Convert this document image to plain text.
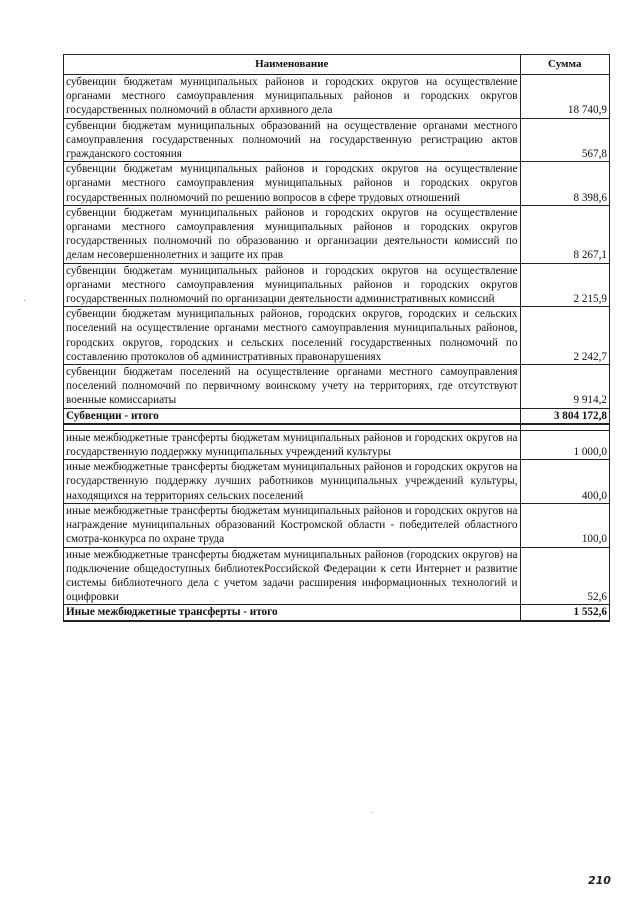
Наименование	Сумма
субвенции бюджетам муниципальных районов и городских округов на осуществление органами местного самоуправления муниципальных районов и городских округов государственных полномочий в области архивного дела	18 740,9
субвенции бюджетам муниципальных образований на осуществление органами местного самоуправления государственных полномочий на государственную регистрацию актов гражданского состояния	567,8
субвенции бюджетам муниципальных районов и городских округов на осуществление органами местного самоуправления муниципальных районов и городских округов государственных полномочий по решению вопросов в сфере трудовых отношений	8 398,6
субвенции бюджетам муниципальных районов и городских округов на осуществление органами местного самоуправления муниципальных районов и городских округов государственных полномочий по образованию и организации деятельности комиссий по делам несовершеннолетних и защите их прав	8 267,1
субвенции бюджетам муниципальных районов и городских округов на осуществление органами местного самоуправления муниципальных районов и городских округов государственных полномочий по организации деятельности административных комиссий	2 215,9
субвенции бюджетам муниципальных районов, городских округов, городских и сельских поселений на осуществление органами местного самоуправления муниципальных районов, городских округов, городских и сельских поселений государственных полномочий по составлению протоколов об административных правонарушениях	2 242,7
субвенции бюджетам поселений на осуществление органами местного самоуправления поселений полномочий по первичному воинскому учету на территориях, где отсутствуют военные комиссариаты	9 914,2
Субвенции - итого	3 804 172,8

иные межбюджетные трансферты бюджетам муниципальных районов и городских округов на государственную поддержку муниципальных учреждений культуры	1 000,0
иные межбюджетные трансферты бюджетам муниципальных районов и городских округов на государственную поддержку лучших работников муниципальных учреждений культуры, находящихся на территориях сельских поселений	400,0
иные межбюджетные трансферты бюджетам муниципальных районов и городских округов на награждение муниципальных образований Костромской области - победителей областного смотра-конкурса по охране труда	100,0
иные межбюджетные трансферты бюджетам муниципальных районов (городских округов) на подключение общедоступных библиотекРоссийской Федерации к сети Интернет и развитие системы библиотечного дела с учетом задачи расширения информационных технологий и оцифровки	52,6
Иные межбюджетные трансферты - итого	1 552,6
210
